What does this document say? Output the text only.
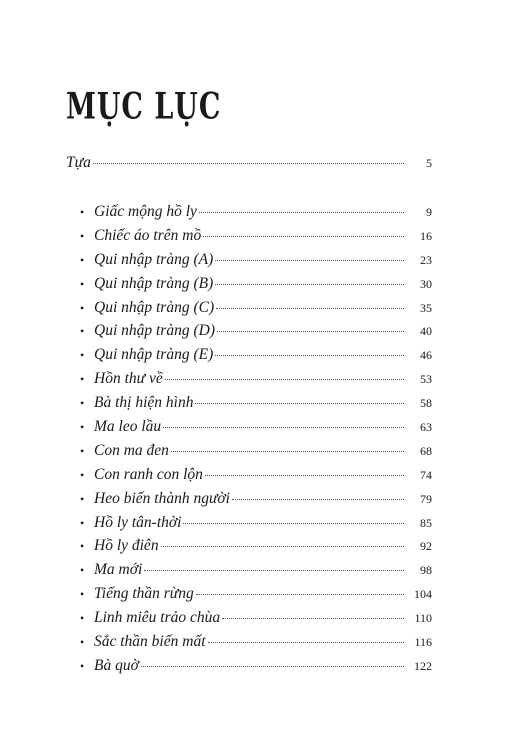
MỤC LỤC
Tựa	5
• Giấc mộng hồ ly	9
• Chiếc áo trên mồ	16
• Qui nhập tràng (A)	23
• Qui nhập tràng (B)	30
• Qui nhập tràng (C)	35
• Qui nhập tràng (D)	40
• Qui nhập tràng (E)	46
• Hồn thư về	53
• Bà thị hiện hình	58
• Ma leo lầu	63
• Con ma đen	68
• Con ranh con lộn	74
• Heo biến thành người	79
• Hồ ly tân-thời	85
• Hồ ly điên	92
• Ma mới	98
• Tiếng thần rừng	104
• Linh miêu trảo chùa	110
• Sắc thần biến mất	116
• Bà quờ	122
